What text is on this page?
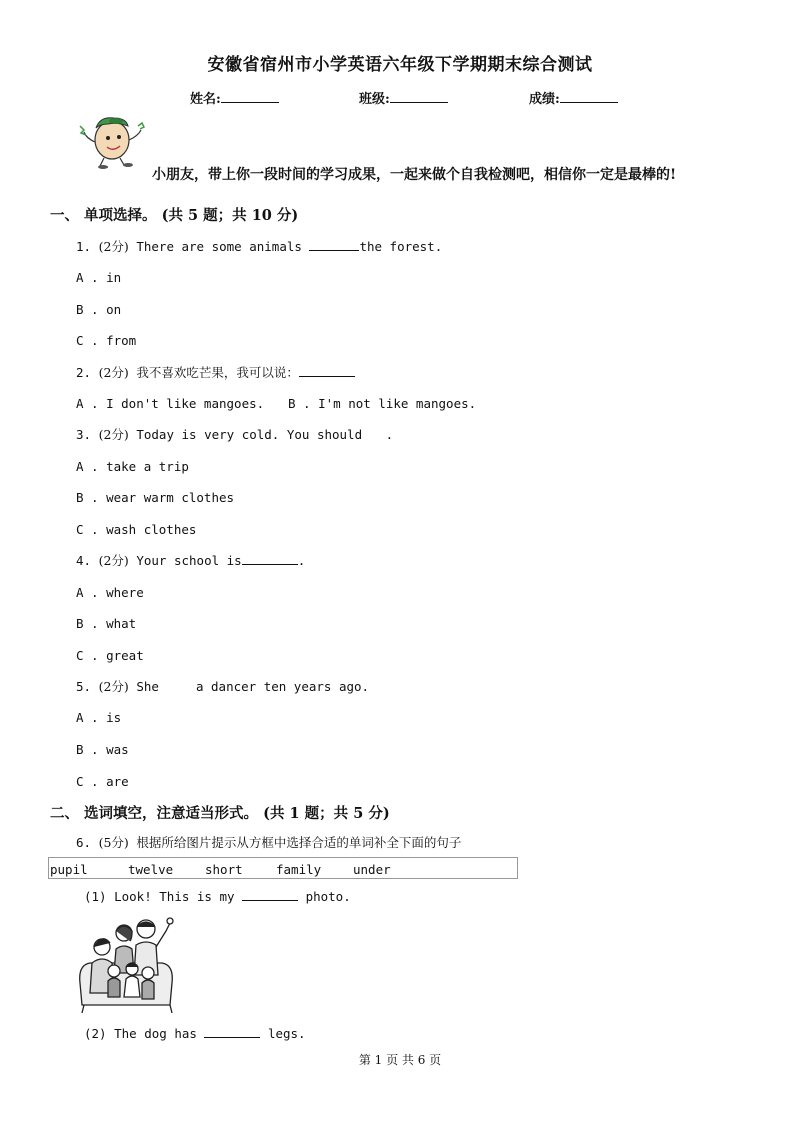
安徽省宿州市小学英语六年级下学期期末综合测试
姓名:	班级:	成绩:
小朋友，带上你一段时间的学习成果，一起来做个自我检测吧，相信你一定是最棒的!
一、 单项选择。 (共 5 题；共 10 分)
1. (2分) There are some animals	the forest.
A . in
B . on
C . from
2. (2分) 我不喜欢吃芒果，我可以说：
A . I don't like mangoes. B . I'm not like mangoes.
3. (2分) Today is very cold. You should .
A . take a trip
B . wear warm clothes
C . wash clothes
4. (2分) Your school is	.
A . where
B . what
C . great
5. (2分) She  a dancer ten years ago.
A . is
B . was
C . are
二、 选词填空，注意适当形式。 (共 1 题；共 5 分)
6. (5分) 根据所给图片提示从方框中选择合适的单词补全下面的句子
pupil	twelve	short	family	under
(1) Look! This is my	photo.
(2) The dog has	legs.
第 1 页 共 6 页
